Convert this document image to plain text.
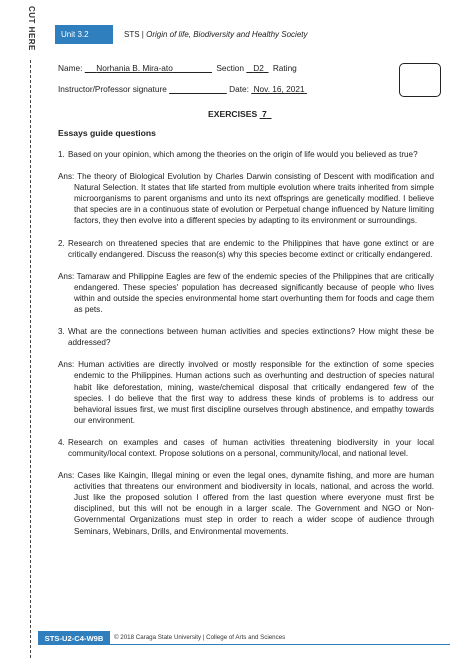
CUT HERE	Unit 3.2	STS | Origin of life, Biodiversity and Healthy Society
Name: Norhania B. Mira-ato	Section D2 Rating
Instructor/Professor signature	Date: Nov. 16, 2021
EXERCISES 7
Essays guide questions
1. Based on your opinion, which among the theories on the origin of life would you believed as true?
Ans: The theory of Biological Evolution by Charles Darwin consisting of Descent with modification and Natural Selection. It states that life started from multiple evolution where traits inherited from simple microorganisms to parent organisms and unto its next offsprings are genetically modified. I believe that species are in a continuous state of evolution or Perpetual change influenced by Nature limiting factors, they then evolve into a different species by adapting to its environment or surroundings.
2. Research on threatened species that are endemic to the Philippines that have gone extinct or are critically endangered. Discuss the reason(s) why this species become extinct or critically endangered.
Ans: Tamaraw and Philippine Eagles are few of the endemic species of the Philippines that are critically endangered. These species' population has decreased significantly because of people who lives within and outside the species environmental home start overhunting them for foods and cage them as pets.
3. What are the connections between human activities and species extinctions? How might these be addressed?
Ans: Human activities are directly involved or mostly responsible for the extinction of some species endemic to the Philippines. Human actions such as overhunting and destruction of species natural habit like deforestation, mining, waste/chemical disposal that critically endangered few of the species. I do believe that the first way to address these kinds of problems is to address our behavioral issues first, we must first discipline ourselves through abstinence, and empathy towards our environment.
4. Research on examples and cases of human activities threatening biodiversity in your local community/local context. Propose solutions on a personal, community/local, and national level.
Ans: Cases like Kaingin, Illegal mining or even the legal ones, dynamite fishing, and more are human activities that threatens our environment and biodiversity in locals, national, and across the world. Just like the proposed solution I offered from the last question where everyone must first be disciplined, but this will not be enough in a larger scale. The Government and NGO or Non-Governmental Organizations must step in order to reach a wider scope of audience through Seminars, Webinars, Drills, and Environmental movements.
STS-U2-C4-W9B	© 2018 Caraga State University | College of Arts and Sciences
